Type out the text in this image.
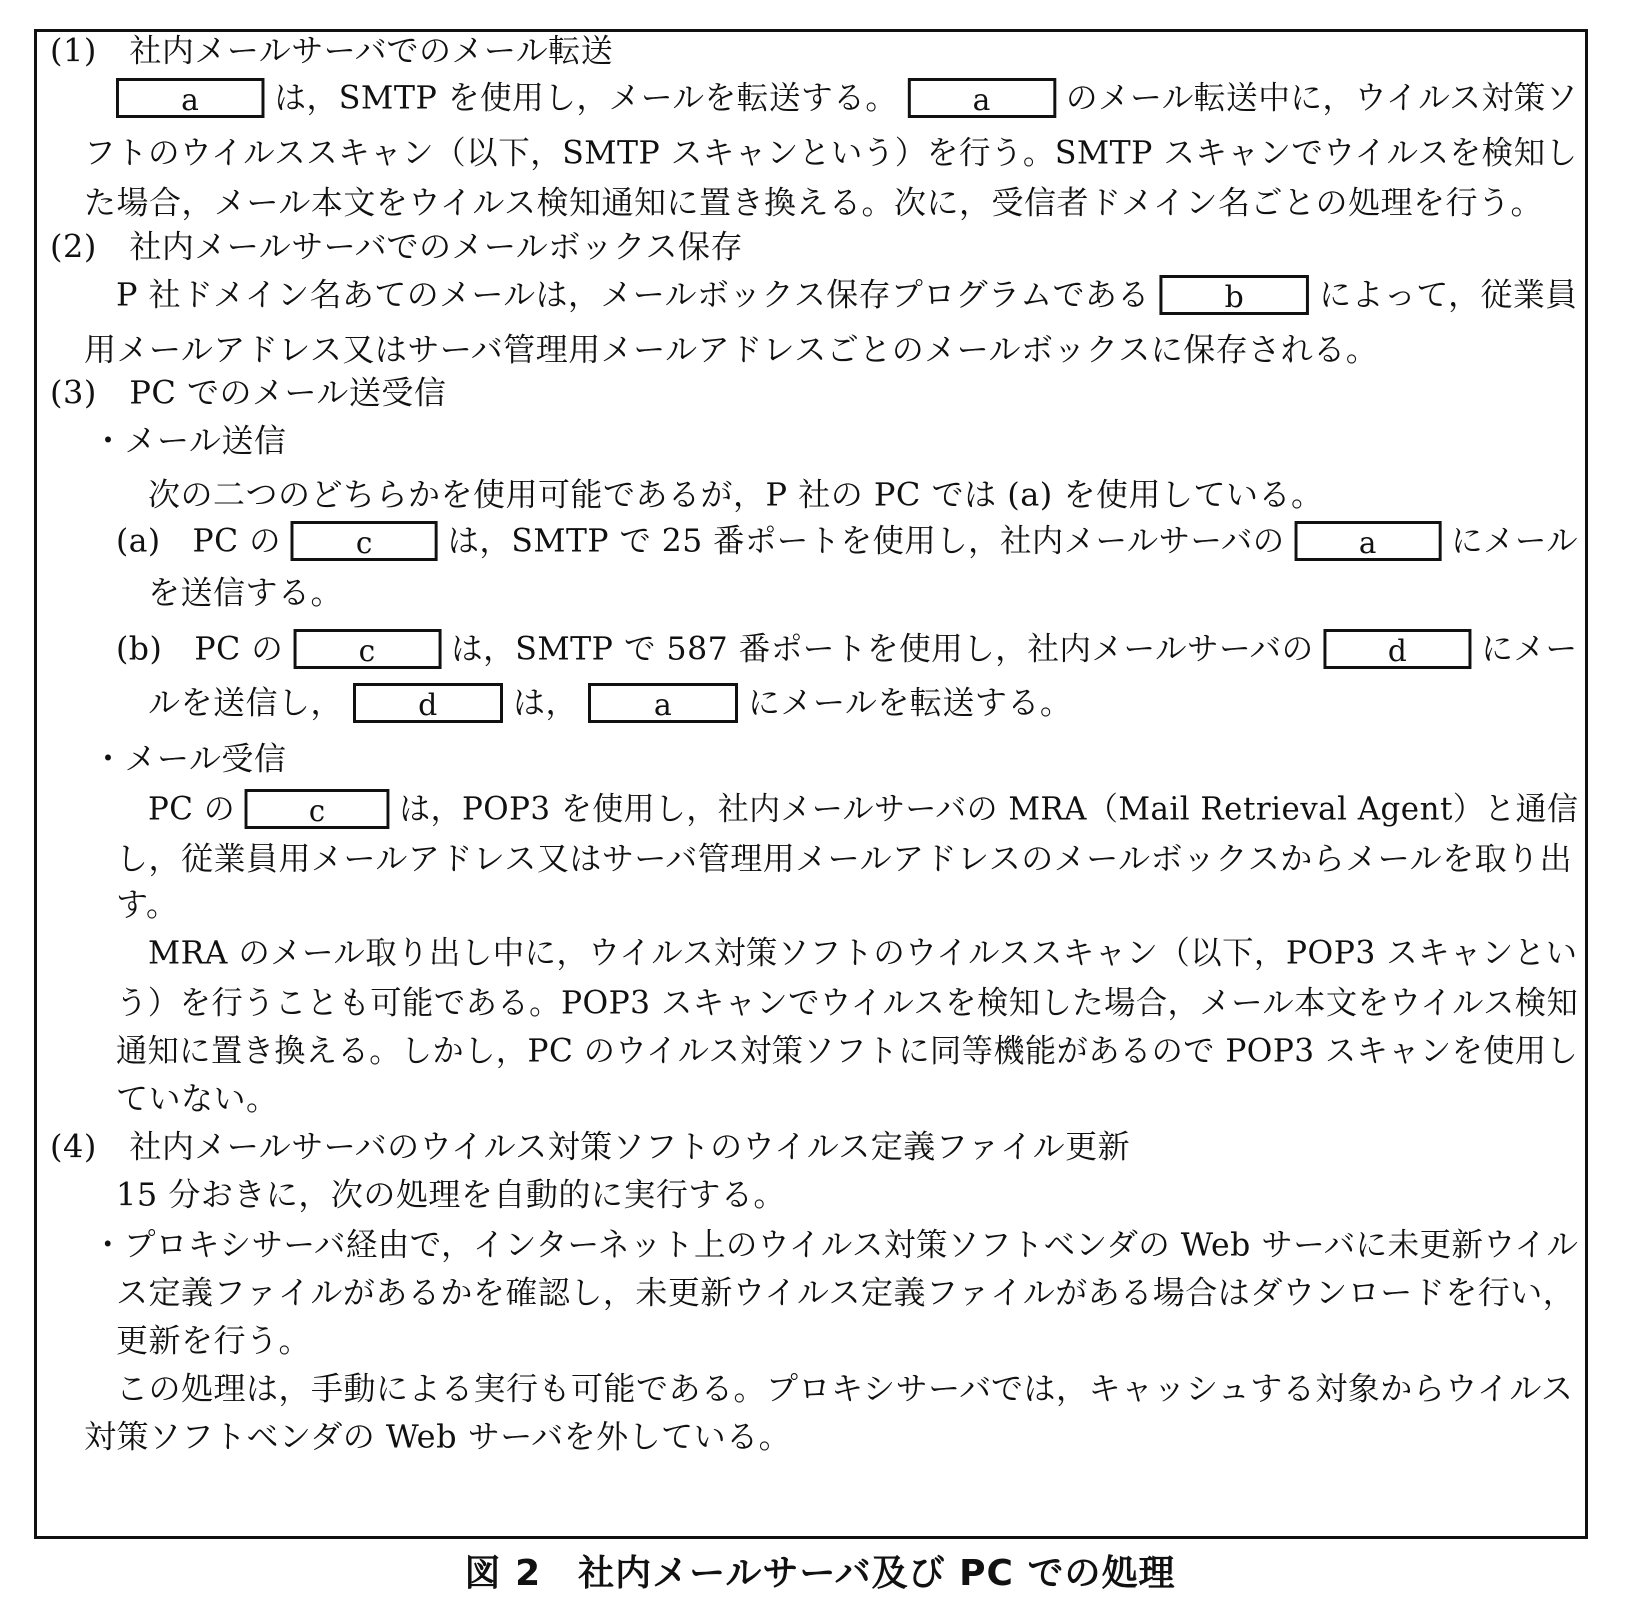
(1)　社内メールサーバでのメール転送
a は，SMTP を使用し，メールを転送する。	a のメール転送中に，ウイルス対策ソ
フトのウイルススキャン（以下，SMTP スキャンという）を行う。SMTP スキャンでウイルスを検知し
た場合，メール本文をウイルス検知通知に置き換える。次に，受信者ドメイン名ごとの処理を行う。
(2)　社内メールサーバでのメールボックス保存
P 社ドメイン名あてのメールは，メールボックス保存プログラムである b によって，従業員
用メールアドレス又はサーバ管理用メールアドレスごとのメールボックスに保存される。
(3)　PC でのメール送受信
・メール送信
次の二つのどちらかを使用可能であるが，P 社の PC では (a) を使用している。
(a)　PC の c は，SMTP で 25 番ポートを使用し，社内メールサーバの a にメール
を送信する。
(b)　PC の	c は，SMTP で 587 番ポートを使用し，社内メールサーバの d にメー
ルを送信し，	d は，	a にメールを転送する。
・メール受信
PC の c は，POP3 を使用し，社内メールサーバの MRA（Mail Retrieval Agent）と通信
し，従業員用メールアドレス又はサーバ管理用メールアドレスのメールボックスからメールを取り出
す。
MRA のメール取り出し中に，ウイルス対策ソフトのウイルススキャン（以下，POP3 スキャンとい
う）を行うことも可能である。POP3 スキャンでウイルスを検知した場合，メール本文をウイルス検知
通知に置き換える。しかし，PC のウイルス対策ソフトに同等機能があるので POP3 スキャンを使用し
ていない。
(4)　社内メールサーバのウイルス対策ソフトのウイルス定義ファイル更新
15 分おきに，次の処理を自動的に実行する。
・プロキシサーバ経由で，インターネット上のウイルス対策ソフトベンダの Web サーバに未更新ウイル
ス定義ファイルがあるかを確認し，未更新ウイルス定義ファイルがある場合はダウンロードを行い，
更新を行う。
この処理は，手動による実行も可能である。プロキシサーバでは，キャッシュする対象からウイルス
対策ソフトベンダの Web サーバを外している。
図 2　社内メールサーバ及び PC での処理
